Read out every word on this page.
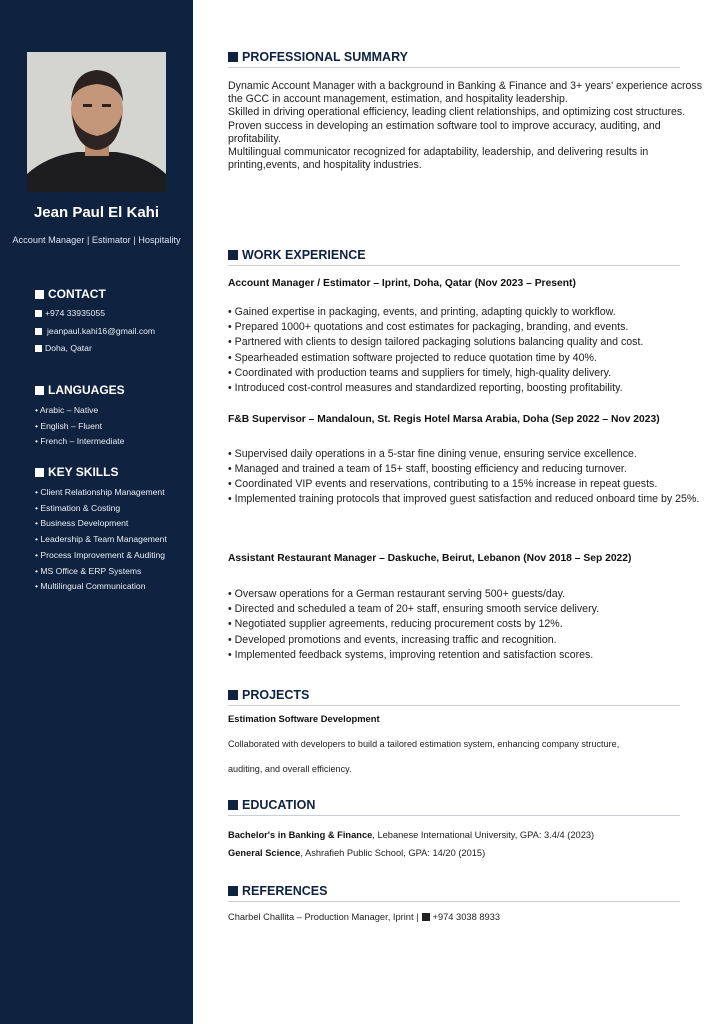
Jean Paul El Kahi
Account Manager | Estimator | Hospitality
CONTACT
+974 33935055
jeanpaul.kahi16@gmail.com
Doha, Qatar
LANGUAGES
• Arabic – Native
• English – Fluent
• French – Intermediate
KEY SKILLS
• Client Relationship Management
• Estimation & Costing
• Business Development
• Leadership & Team Management
• Process Improvement & Auditing
• MS Office & ERP Systems
• Multilingual Communication
PROFESSIONAL SUMMARY
Dynamic Account Manager with a background in Banking & Finance and 3+ years' experience across the GCC in account management, estimation, and hospitality leadership.
Skilled in driving operational efficiency, leading client relationships, and optimizing cost structures.
Proven success in developing an estimation software tool to improve accuracy, auditing, and profitability.
Multilingual communicator recognized for adaptability, leadership, and delivering results in printing,events, and hospitality industries.
WORK EXPERIENCE
Account Manager / Estimator – Iprint, Doha, Qatar (Nov 2023 – Present)
• Gained expertise in packaging, events, and printing, adapting quickly to workflow.
• Prepared 1000+ quotations and cost estimates for packaging, branding, and events.
• Partnered with clients to design tailored packaging solutions balancing quality and cost.
• Spearheaded estimation software projected to reduce quotation time by 40%.
• Coordinated with production teams and suppliers for timely, high-quality delivery.
• Introduced cost-control measures and standardized reporting, boosting profitability.
F&B Supervisor – Mandaloun, St. Regis Hotel Marsa Arabia, Doha (Sep 2022 – Nov 2023)
• Supervised daily operations in a 5-star fine dining venue, ensuring service excellence.
• Managed and trained a team of 15+ staff, boosting efficiency and reducing turnover.
• Coordinated VIP events and reservations, contributing to a 15% increase in repeat guests.
• Implemented training protocols that improved guest satisfaction and reduced onboard time by 25%.
Assistant Restaurant Manager – Daskuche, Beirut, Lebanon (Nov 2018 – Sep 2022)
• Oversaw operations for a German restaurant serving 500+ guests/day.
• Directed and scheduled a team of 20+ staff, ensuring smooth service delivery.
• Negotiated supplier agreements, reducing procurement costs by 12%.
• Developed promotions and events, increasing traffic and recognition.
• Implemented feedback systems, improving retention and satisfaction scores.
PROJECTS
Estimation Software Development
Collaborated with developers to build a tailored estimation system, enhancing company structure,
auditing, and overall efficiency.
EDUCATION
Bachelor's in Banking & Finance, Lebanese International University, GPA: 3.4/4 (2023)
General Science, Ashrafieh Public School, GPA: 14/20 (2015)
REFERENCES
Charbel Challita – Production Manager, Iprint | +974 3038 8933
